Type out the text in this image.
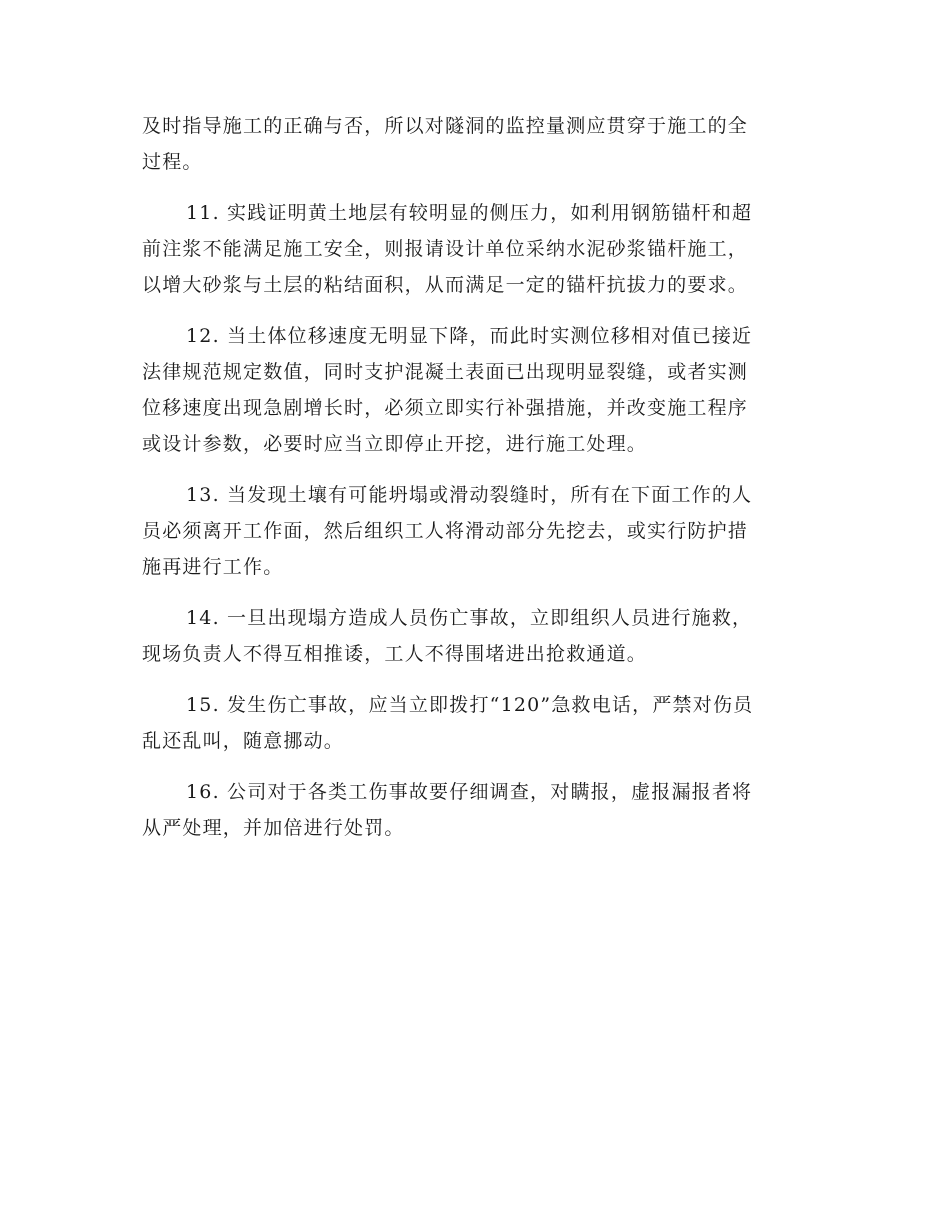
及时指导施工的正确与否，所以对隧洞的监控量测应贯穿于施工的全
过程。
11. 实践证明黄土地层有较明显的侧压力，如利用钢筋锚杆和超
前注浆不能满足施工安全，则报请设计单位采纳水泥砂浆锚杆施工，
以增大砂浆与土层的粘结面积，从而满足一定的锚杆抗拔力的要求。
12. 当土体位移速度无明显下降，而此时实测位移相对值已接近
法律规范规定数值，同时支护混凝土表面已出现明显裂缝，或者实测
位移速度出现急剧增长时，必须立即实行补强措施，并改变施工程序
或设计参数，必要时应当立即停止开挖，进行施工处理。
13. 当发现土壤有可能坍塌或滑动裂缝时，所有在下面工作的人
员必须离开工作面，然后组织工人将滑动部分先挖去，或实行防护措
施再进行工作。
14. 一旦出现塌方造成人员伤亡事故，立即组织人员进行施救，
现场负责人不得互相推诿，工人不得围堵进出抢救通道。
15. 发生伤亡事故，应当立即拨打“120”急救电话，严禁对伤员
乱还乱叫，随意挪动。
16. 公司对于各类工伤事故要仔细调查，对瞒报，虚报漏报者将
从严处理，并加倍进行处罚。
